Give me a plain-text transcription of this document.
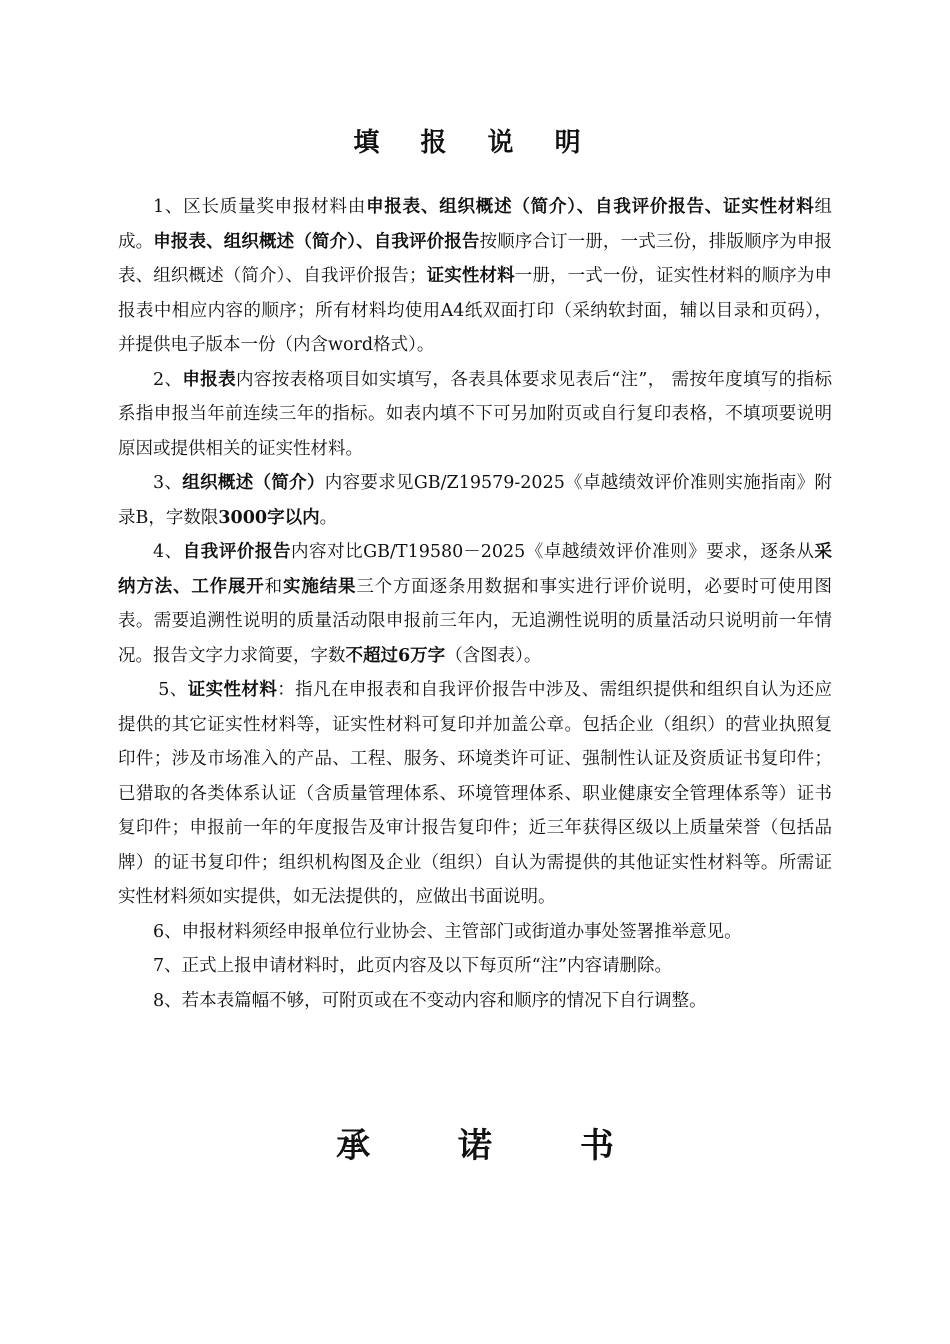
填 报 说 明

1、区长质量奖申报材料由申报表、组织概述（简介）、自我评价报告、证实性材料组成。申报表、组织概述（简介）、自我评价报告按顺序合订一册，一式三份，排版顺序为申报表、组织概述（简介）、自我评价报告；证实性材料一册，一式一份，证实性材料的顺序为申报表中相应内容的顺序；所有材料均使用A4纸双面打印（采纳软封面，辅以目录和页码），并提供电子版本一份（内含word格式）。

2、申报表内容按表格项目如实填写，各表具体要求见表后“注”， 需按年度填写的指标系指申报当年前连续三年的指标。如表内填不下可另加附页或自行复印表格，不填项要说明原因或提供相关的证实性材料。

3、组织概述（简介）内容要求见GB/Z19579-2025《卓越绩效评价准则实施指南》附录B，字数限3000字以内。

4、自我评价报告内容对比GB/T19580－2025《卓越绩效评价准则》要求，逐条从采纳方法、工作展开和实施结果三个方面逐条用数据和事实进行评价说明，必要时可使用图表。需要追溯性说明的质量活动限申报前三年内，无追溯性说明的质量活动只说明前一年情况。报告文字力求简要，字数不超过6万字（含图表）。

5、证实性材料：指凡在申报表和自我评价报告中涉及、需组织提供和组织自认为还应提供的其它证实性材料等，证实性材料可复印并加盖公章。包括企业（组织）的营业执照复印件；涉及市场准入的产品、工程、服务、环境类许可证、强制性认证及资质证书复印件；已猎取的各类体系认证（含质量管理体系、环境管理体系、职业健康安全管理体系等）证书复印件；申报前一年的年度报告及审计报告复印件；近三年获得区级以上质量荣誉（包括品牌）的证书复印件；组织机构图及企业（组织）自认为需提供的其他证实性材料等。所需证实性材料须如实提供，如无法提供的，应做出书面说明。

6、申报材料须经申报单位行业协会、主管部门或街道办事处签署推举意见。

7、正式上报申请材料时，此页内容及以下每页所“注”内容请删除。

8、若本表篇幅不够，可附页或在不变动内容和顺序的情况下自行调整。

承 诺 书
